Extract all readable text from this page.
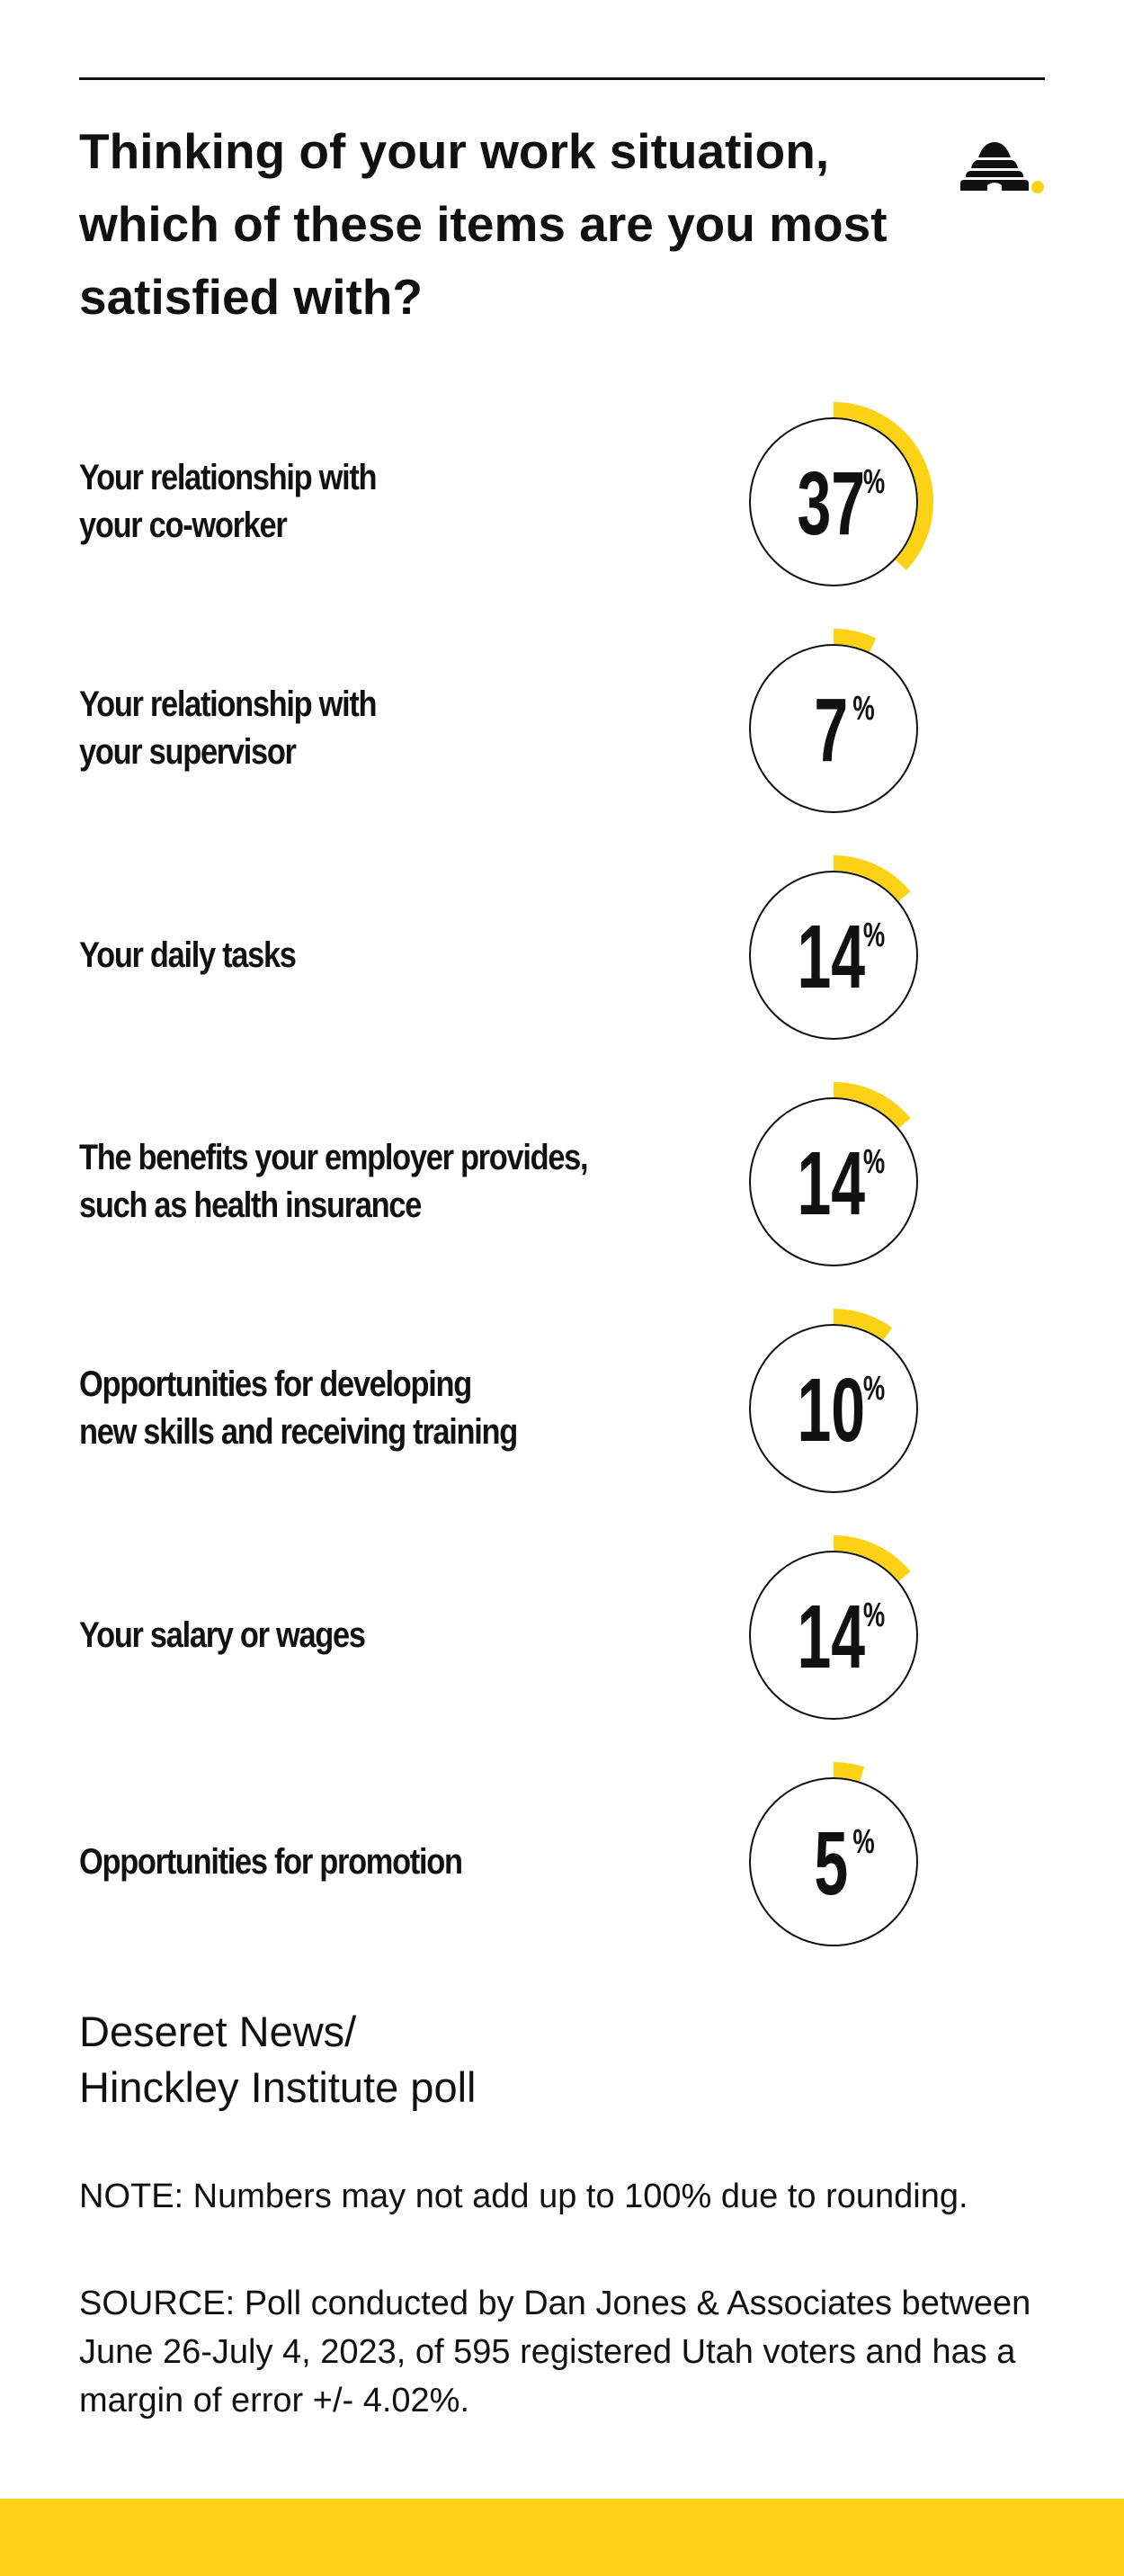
Thinking of your work situation, which of these items are you most satisfied with?
Your relationship with
your co-worker	37
%
Your relationship with
your supervisor	7 %
Your daily tasks	14
%
The benefits your employer provides,
such as health insurance	14
%
Opportunities for developing
new skills and receiving training	10
%
Your salary or wages	14
%
Opportunities for promotion	5 %
Deseret News/
Hinckley Institute poll
NOTE: Numbers may not add up to 100% due to rounding.
SOURCE: Poll conducted by Dan Jones & Associates between June 26-July 4, 2023, of 595 registered Utah voters and has a margin of error +/- 4.02%.
